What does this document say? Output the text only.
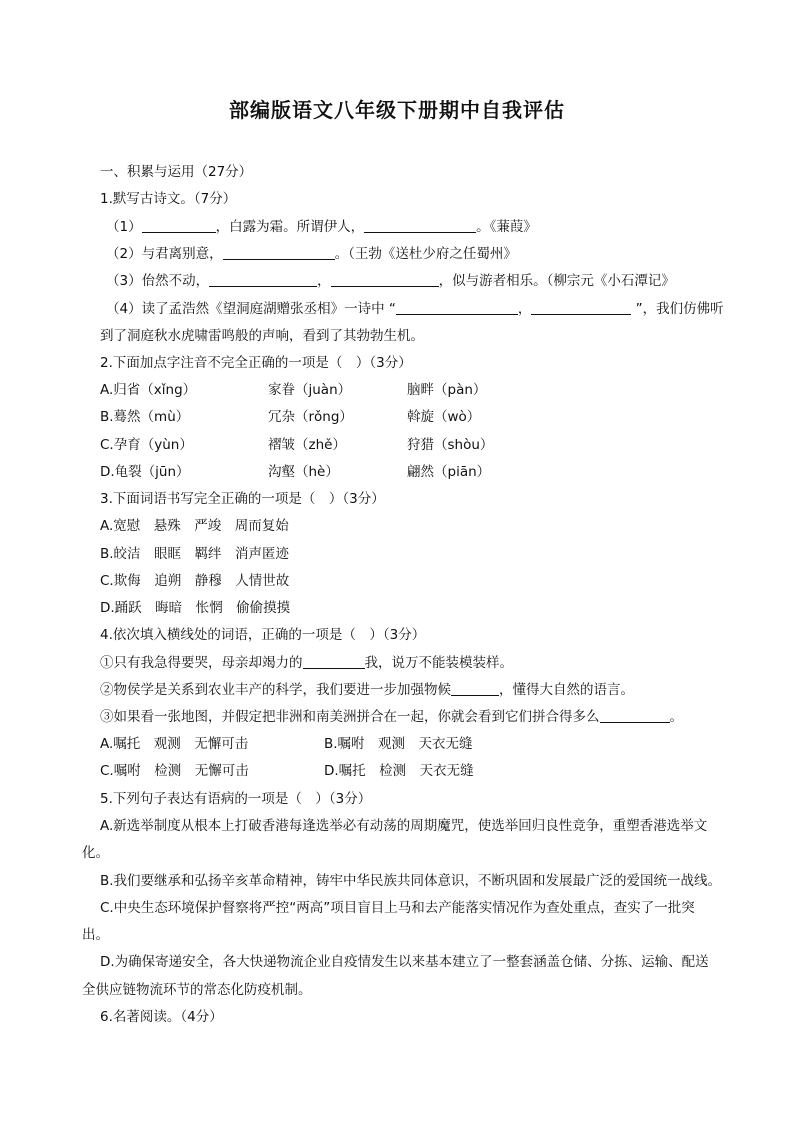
部编版语文八年级下册期中自我评估
一、积累与运用（27分）
1.默写古诗文。（7分）
（1）	，白露为霜。所谓伊人，	。《蒹葭》
（2）与君离别意，	。（王勃《送杜少府之任蜀州》
（3）佁然不动，	，	，似与游者相乐。（柳宗元《小石潭记》
（4）读了孟浩然《望洞庭湖赠张丞相》一诗中 “	，	”，我们仿佛听
到了洞庭秋水虎啸雷鸣般的声响，看到了其勃勃生机。
2.下面加点字注音不完全正确的一项是（　）（3分）
A.归省（xǐng）	家眷（juàn）	脑畔（pàn）
B.蓦然（mù）	冗杂（rǒng）	斡旋（wò）
C.孕育（yùn）	褶皱（zhě）	狩猎（shòu）
D.龟裂（jūn）	沟壑（hè）	翩然（piān）
3.下面词语书写完全正确的一项是（　）（3分）
A.宽慰　悬殊　严竣　周而复始
B.皎洁　眼眶　羁绊　消声匿迹
C.欺侮　追朔　静穆　人情世故
D.踊跃　晦暗　怅惘　偷偷摸摸
4.依次填入横线处的词语，正确的一项是（　）（3分）
①只有我急得要哭，母亲却竭力的	我，说万不能装模装样。
②物侯学是关系到农业丰产的科学，我们要进一步加强物候	，懂得大自然的语言。
③如果看一张地图，并假定把非洲和南美洲拼合在一起，你就会看到它们拼合得多么	。
A.嘱托　观测　无懈可击	B.嘱咐　观测　天衣无缝
C.嘱咐　检测　无懈可击	D.嘱托　检测　天衣无缝
5.下列句子表达有语病的一项是（　）（3分）
A.新选举制度从根本上打破香港每逢选举必有动荡的周期魔咒，使选举回归良性竞争，重塑香港选举文
化。
B.我们要继承和弘扬辛亥革命精神，铸牢中华民族共同体意识，不断巩固和发展最广泛的爱国统一战线。
C.中央生态环境保护督察将严控“两高”项目盲目上马和去产能落实情况作为查处重点，查实了一批突
出。
D.为确保寄递安全，各大快递物流企业自疫情发生以来基本建立了一整套涵盖仓储、分拣、运输、配送
全供应链物流环节的常态化防疫机制。
6.名著阅读。（4分）
